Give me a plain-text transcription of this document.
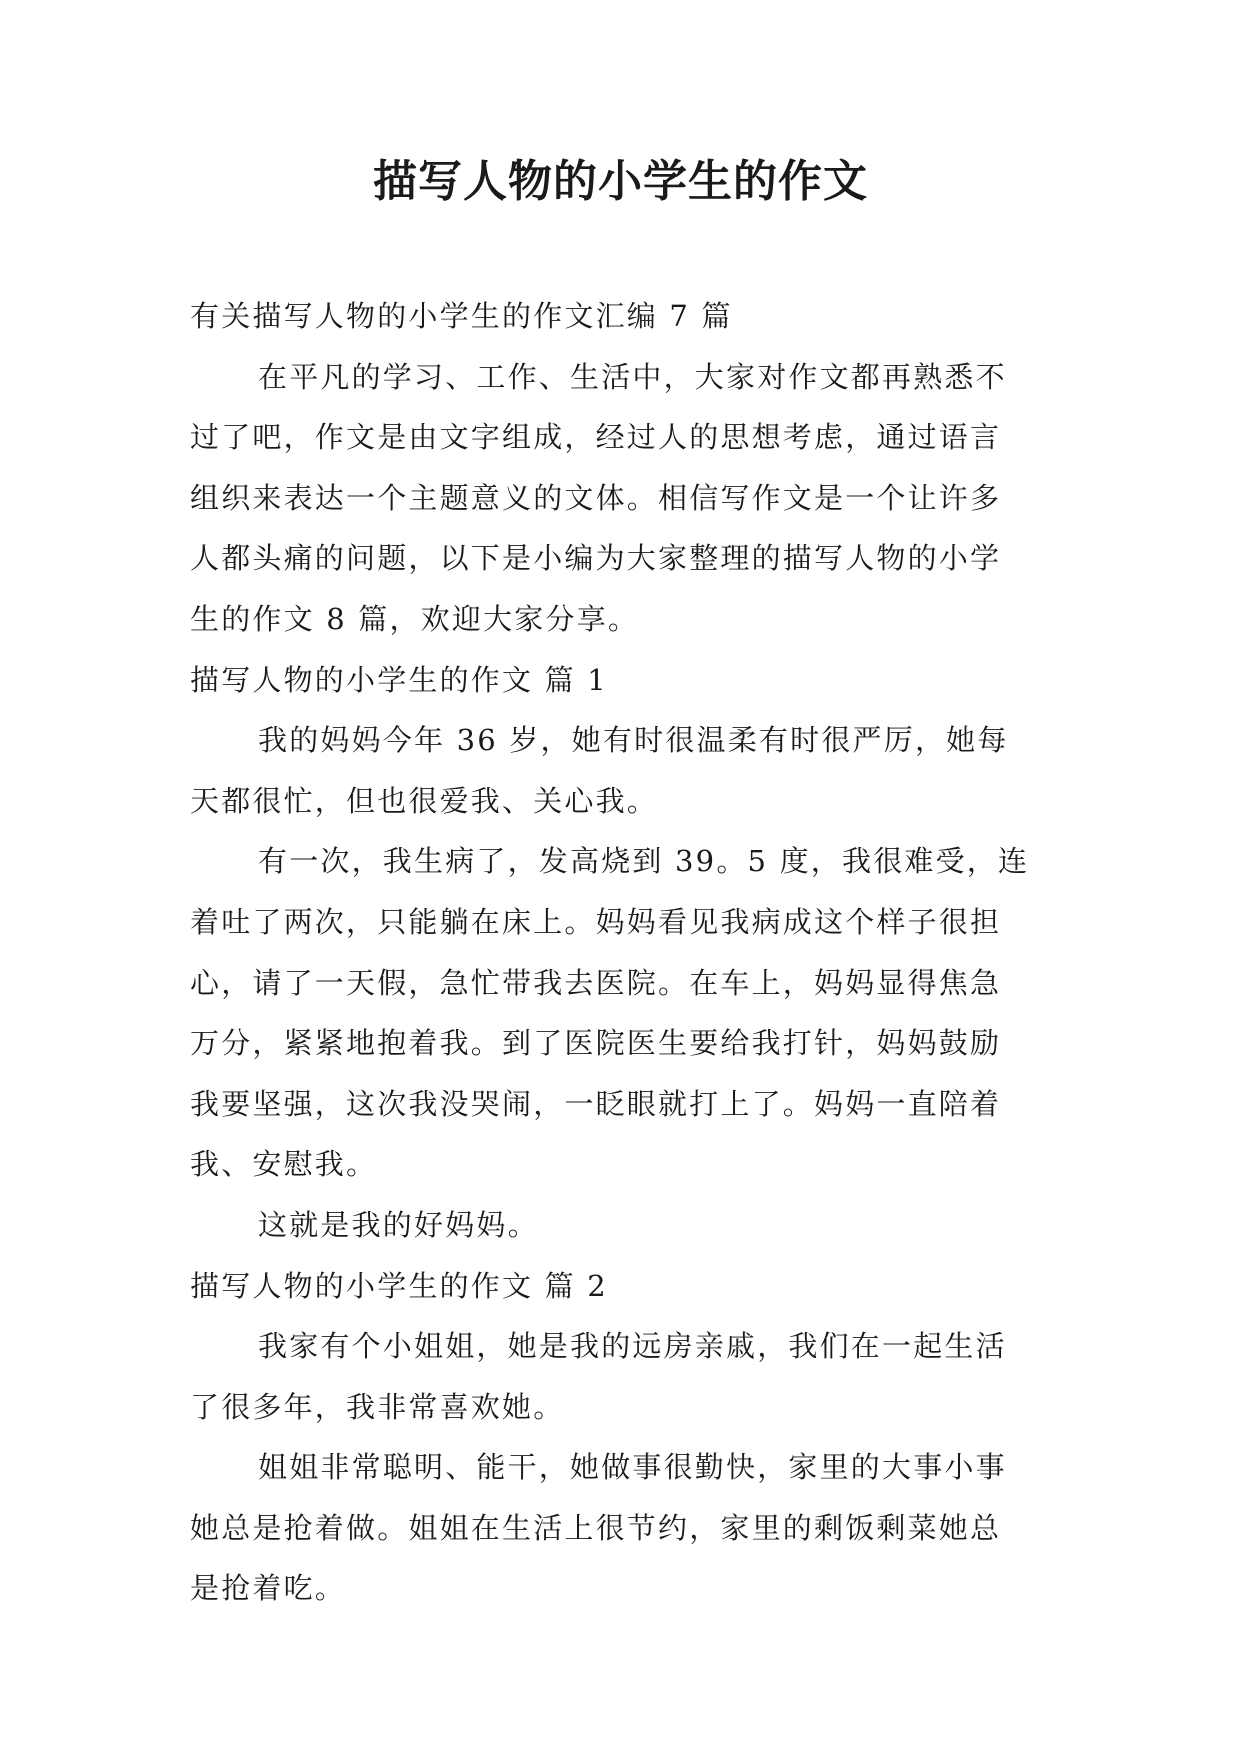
描写人物的小学生的作文

有关描写人物的小学生的作文汇编 7 篇

在平凡的学习、工作、生活中，大家对作文都再熟悉不

过了吧，作文是由文字组成，经过人的思想考虑，通过语言

组织来表达一个主题意义的文体。相信写作文是一个让许多

人都头痛的问题，以下是小编为大家整理的描写人物的小学

生的作文 8 篇，欢迎大家分享。

描写人物的小学生的作文 篇 1

我的妈妈今年 36 岁，她有时很温柔有时很严厉，她每

天都很忙，但也很爱我、关心我。

有一次，我生病了，发高烧到 39。5 度，我很难受，连

着吐了两次，只能躺在床上。妈妈看见我病成这个样子很担

心，请了一天假，急忙带我去医院。在车上，妈妈显得焦急

万分，紧紧地抱着我。到了医院医生要给我打针，妈妈鼓励

我要坚强，这次我没哭闹，一眨眼就打上了。妈妈一直陪着

我、安慰我。

这就是我的好妈妈。

描写人物的小学生的作文 篇 2

我家有个小姐姐，她是我的远房亲戚，我们在一起生活

了很多年，我非常喜欢她。

姐姐非常聪明、能干，她做事很勤快，家里的大事小事

她总是抢着做。姐姐在生活上很节约，家里的剩饭剩菜她总

是抢着吃。
